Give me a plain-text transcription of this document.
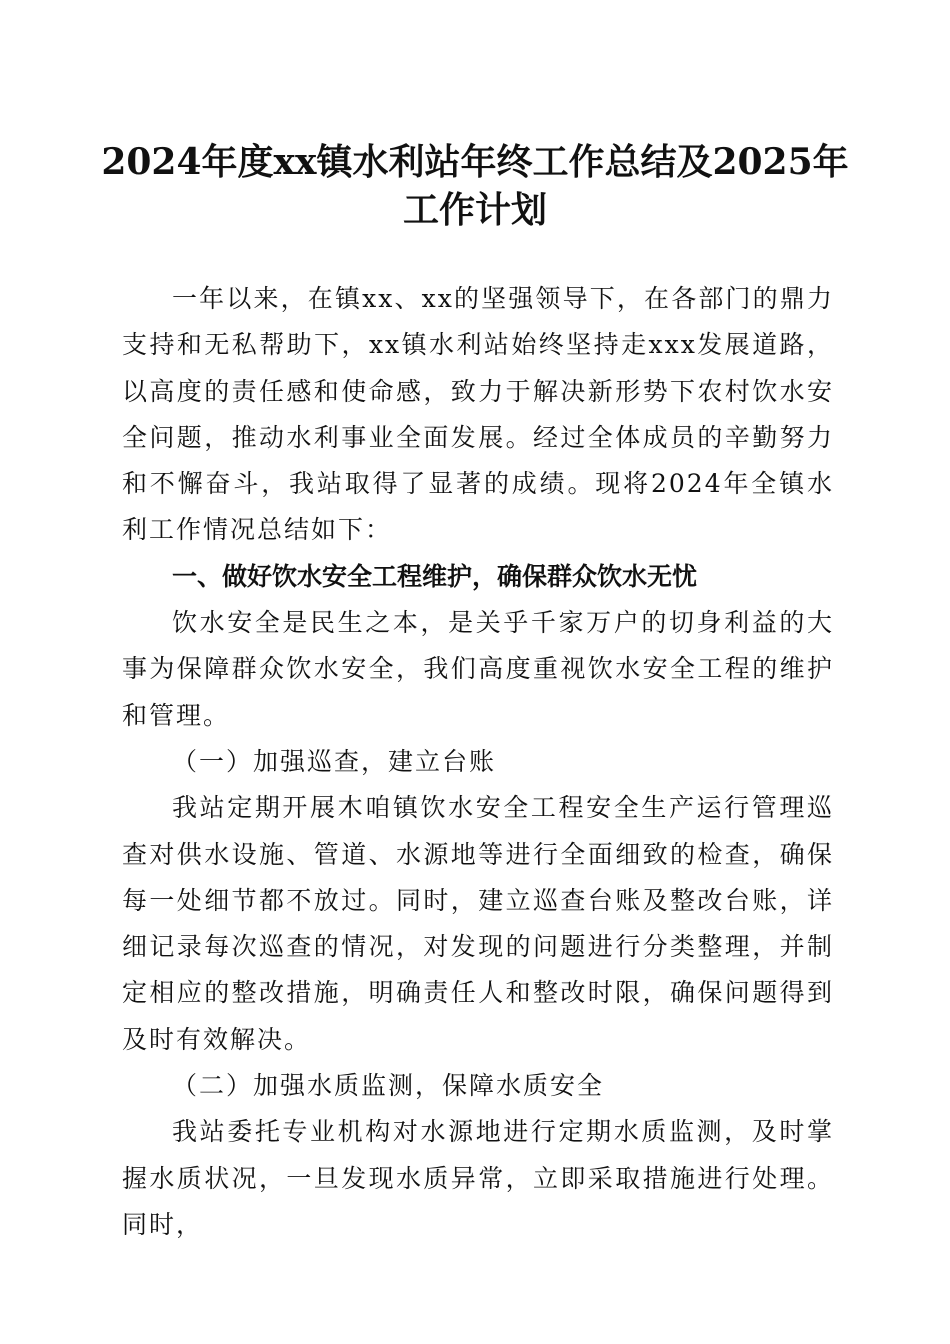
2024年度xx镇水利站年终工作总结及2025年
工作计划

一年以来，在镇xx、xx的坚强领导下，在各部门的鼎力支持和无私帮助下，xx镇水利站始终坚持走xxx发展道路，以高度的责任感和使命感，致力于解决新形势下农村饮水安全问题，推动水利事业全面发展。经过全体成员的辛勤努力和不懈奋斗，我站取得了显著的成绩。现将2024年全镇水利工作情况总结如下：

一、做好饮水安全工程维护，确保群众饮水无忧

饮水安全是民生之本，是关乎千家万户的切身利益的大事为保障群众饮水安全，我们高度重视饮水安全工程的维护和管理。

（一）加强巡查，建立台账

我站定期开展木咱镇饮水安全工程安全生产运行管理巡查对供水设施、管道、水源地等进行全面细致的检查，确保每一处细节都不放过。同时，建立巡查台账及整改台账，详细记录每次巡查的情况，对发现的问题进行分类整理，并制定相应的整改措施，明确责任人和整改时限，确保问题得到及时有效解决。

（二）加强水质监测，保障水质安全

我站委托专业机构对水源地进行定期水质监测，及时掌握水质状况，一旦发现水质异常，立即采取措施进行处理。同时，
